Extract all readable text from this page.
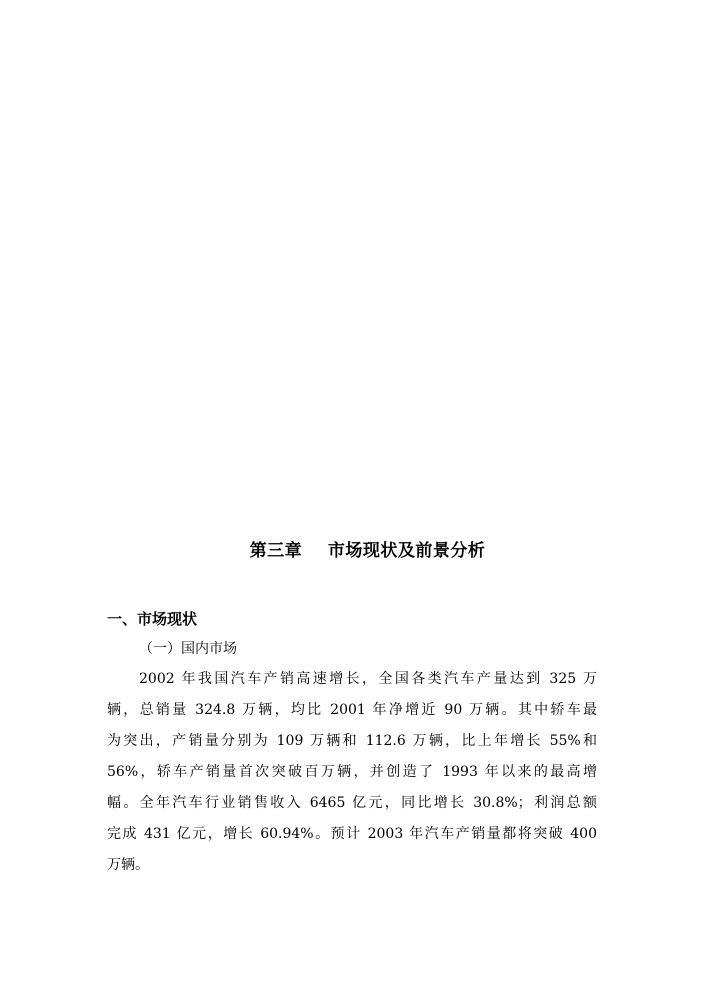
第三章    市场现状及前景分析
一、市场现状
（一）国内市场
2002 年我国汽车产销高速增长，全国各类汽车产量达到 325 万
辆，总销量 324.8 万辆，均比 2001 年净增近 90 万辆。其中轿车最
为突出，产销量分别为 109 万辆和 112.6 万辆，比上年增长 55%和
56%，轿车产销量首次突破百万辆，并创造了 1993 年以来的最高增
幅。全年汽车行业销售收入 6465 亿元，同比增长 30.8%；利润总额
完成 431 亿元，增长 60.94%。预计 2003 年汽车产销量都将突破 400
万辆。
